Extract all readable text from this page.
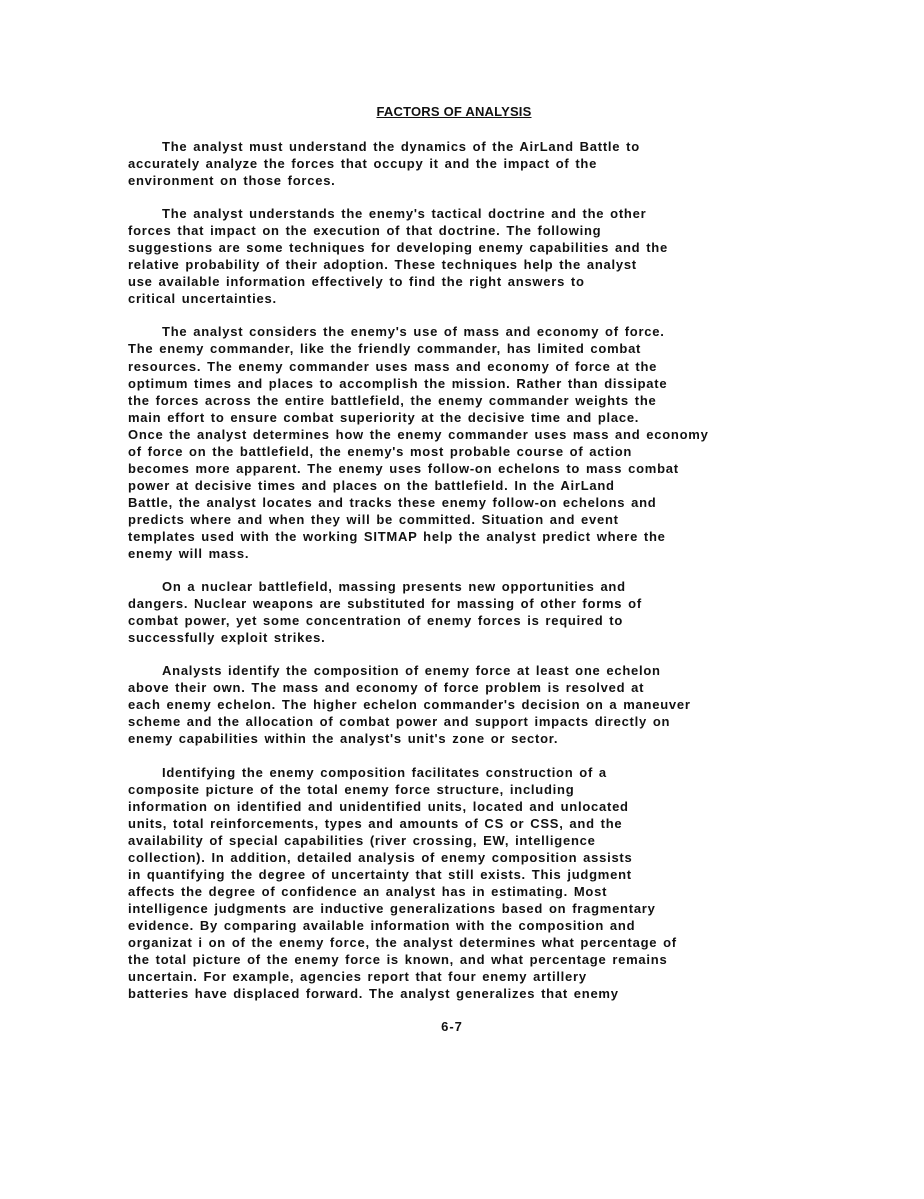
FACTORS OF ANALYSIS
The analyst must understand the dynamics of the AirLand Battle to
accurately analyze the forces that occupy it and the impact of the
environment on those forces.
The analyst understands the enemy's tactical doctrine and the other
forces that impact on the execution of that doctrine. The following
suggestions are some techniques for developing enemy capabilities and the
relative probability of their adoption. These techniques help the analyst
use available information effectively to find the right answers to
critical uncertainties.
The analyst considers the enemy's use of mass and economy of force.
The enemy commander, like the friendly commander, has limited combat
resources. The enemy commander uses mass and economy of force at the
optimum times and places to accomplish the mission. Rather than dissipate
the forces across the entire battlefield, the enemy commander weights the
main effort to ensure combat superiority at the decisive time and place.
Once the analyst determines how the enemy commander uses mass and economy
of force on the battlefield, the enemy's most probable course of action
becomes more apparent. The enemy uses follow-on echelons to mass combat
power at decisive times and places on the battlefield. In the AirLand
Battle, the analyst locates and tracks these enemy follow-on echelons and
predicts where and when they will be committed. Situation and event
templates used with the working SITMAP help the analyst predict where the
enemy will mass.
On a nuclear battlefield, massing presents new opportunities and
dangers. Nuclear weapons are substituted for massing of other forms of
combat power, yet some concentration of enemy forces is required to
successfully exploit strikes.
Analysts identify the composition of enemy force at least one echelon
above their own. The mass and economy of force problem is resolved at
each enemy echelon. The higher echelon commander's decision on a maneuver
scheme and the allocation of combat power and support impacts directly on
enemy capabilities within the analyst's unit's zone or sector.
Identifying the enemy composition facilitates construction of a
composite picture of the total enemy force structure, including
information on identified and unidentified units, located and unlocated
units, total reinforcements, types and amounts of CS or CSS, and the
availability of special capabilities (river crossing, EW, intelligence
collection). In addition, detailed analysis of enemy composition assists
in quantifying the degree of uncertainty that still exists. This judgment
affects the degree of confidence an analyst has in estimating. Most
intelligence judgments are inductive generalizations based on fragmentary
evidence. By comparing available information with the composition and
organizat i on of the enemy force, the analyst determines what percentage of
the total picture of the enemy force is known, and what percentage remains
uncertain. For example, agencies report that four enemy artillery
batteries have displaced forward. The analyst generalizes that enemy
6-7
